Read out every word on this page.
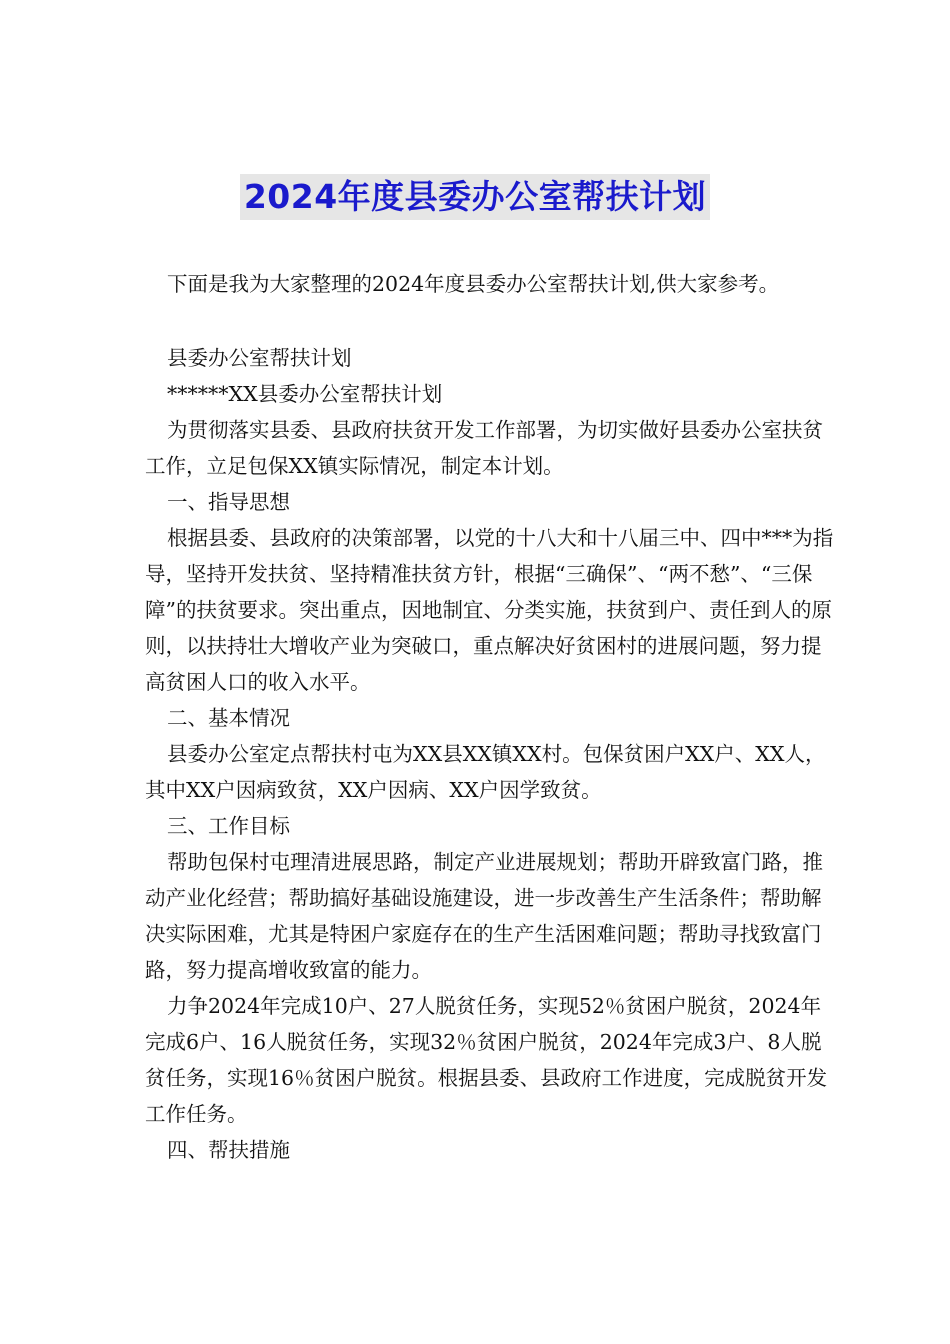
2024年度县委办公室帮扶计划

下面是我为大家整理的2024年度县委办公室帮扶计划,供大家参考。

县委办公室帮扶计划

******XX县委办公室帮扶计划

为贯彻落实县委、县政府扶贫开发工作部署，为切实做好县委办公室扶贫工作，立足包保XX镇实际情况，制定本计划。

一、指导思想

根据县委、县政府的决策部署，以党的十八大和十八届三中、四中***为指导，坚持开发扶贫、坚持精准扶贫方针，根据“三确保”、“两不愁”、“三保障”的扶贫要求。突出重点，因地制宜、分类实施，扶贫到户、责任到人的原则，以扶持壮大增收产业为突破口，重点解决好贫困村的进展问题，努力提高贫困人口的收入水平。

二、基本情况

县委办公室定点帮扶村屯为XX县XX镇XX村。包保贫困户XX户、XX人，其中XX户因病致贫，XX户因病、XX户因学致贫。

三、工作目标

帮助包保村屯理清进展思路，制定产业进展规划；帮助开辟致富门路，推动产业化经营；帮助搞好基础设施建设，进一步改善生产生活条件；帮助解决实际困难，尤其是特困户家庭存在的生产生活困难问题；帮助寻找致富门路，努力提高增收致富的能力。

力争2024年完成10户、27人脱贫任务，实现52％贫困户脱贫，2024年完成6户、16人脱贫任务，实现32％贫困户脱贫，2024年完成3户、8人脱贫任务，实现16％贫困户脱贫。根据县委、县政府工作进度，完成脱贫开发工作任务。

四、帮扶措施
